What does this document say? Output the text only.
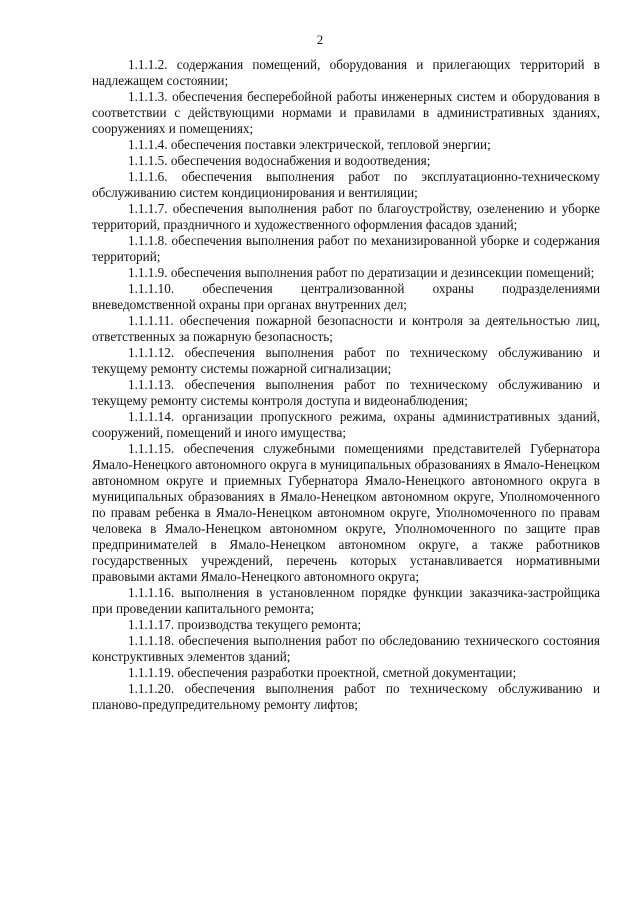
2

1.1.1.2. содержания помещений, оборудования и прилегающих территорий в надлежащем состоянии;

1.1.1.3. обеспечения бесперебойной работы инженерных систем и оборудования в соответствии с действующими нормами и правилами в административных зданиях, сооружениях и помещениях;

1.1.1.4. обеспечения поставки электрической, тепловой энергии;

1.1.1.5. обеспечения водоснабжения и водоотведения;

1.1.1.6. обеспечения выполнения работ по эксплуатационно-техническому обслуживанию систем кондиционирования и вентиляции;

1.1.1.7. обеспечения выполнения работ по благоустройству, озеленению и уборке территорий, праздничного и художественного оформления фасадов зданий;

1.1.1.8. обеспечения выполнения работ по механизированной уборке и содержания территорий;

1.1.1.9. обеспечения выполнения работ по дератизации и дезинсекции помещений;

1.1.1.10. обеспечения централизованной охраны подразделениями вневедомственной охраны при органах внутренних дел;

1.1.1.11. обеспечения пожарной безопасности и контроля за деятельностью лиц, ответственных за пожарную безопасность;

1.1.1.12. обеспечения выполнения работ по техническому обслуживанию и текущему ремонту системы пожарной сигнализации;

1.1.1.13. обеспечения выполнения работ по техническому обслуживанию и текущему ремонту системы контроля доступа и видеонаблюдения;

1.1.1.14. организации пропускного режима, охраны административных зданий, сооружений, помещений и иного имущества;

1.1.1.15. обеспечения служебными помещениями представителей Губернатора Ямало-Ненецкого автономного округа в муниципальных образованиях в Ямало-Ненецком автономном округе и приемных Губернатора Ямало-Ненецкого автономного округа в муниципальных образованиях в Ямало-Ненецком автономном округе, Уполномоченного по правам ребенка в Ямало-Ненецком автономном округе, Уполномоченного по правам человека в Ямало-Ненецком автономном округе, Уполномоченного по защите прав предпринимателей в Ямало-Ненецком автономном округе, а также работников государственных учреждений, перечень которых устанавливается нормативными правовыми актами Ямало-Ненецкого автономного округа;

1.1.1.16. выполнения в установленном порядке функции заказчика-застройщика при проведении капитального ремонта;

1.1.1.17. производства текущего ремонта;

1.1.1.18. обеспечения выполнения работ по обследованию технического состояния конструктивных элементов зданий;

1.1.1.19. обеспечения разработки проектной, сметной документации;

1.1.1.20. обеспечения выполнения работ по техническому обслуживанию и планово-предупредительному ремонту лифтов;
